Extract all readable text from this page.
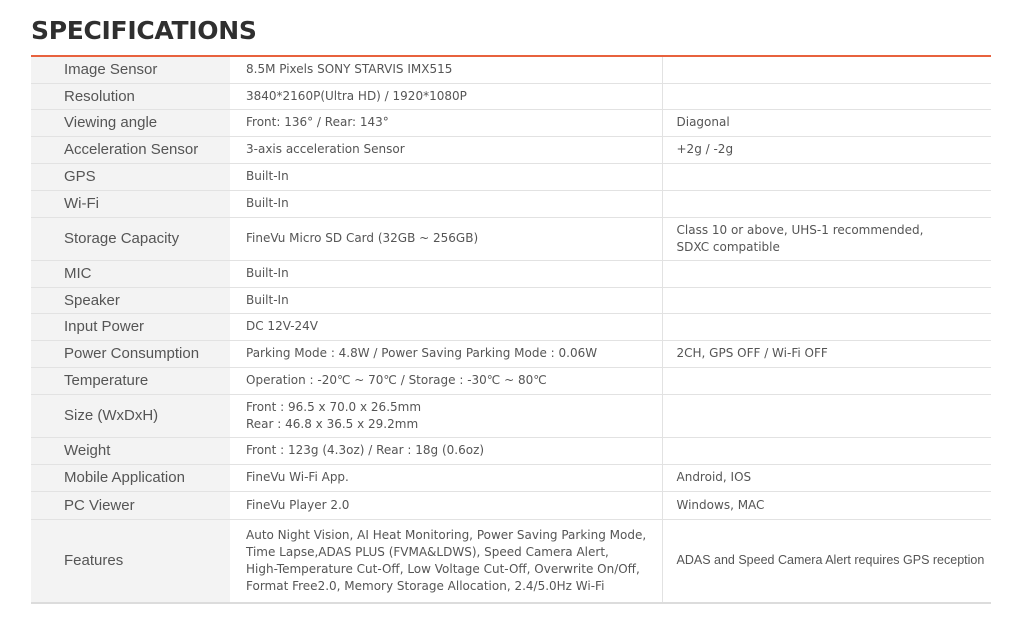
SPECIFICATIONS
Image Sensor	8.5M Pixels SONY STARVIS IMX515	

Resolution	3840*2160P(Ultra HD) / 1920*1080P	

Viewing angle	Front: 136° / Rear: 143°	Diagonal

Acceleration Sensor	3-axis acceleration Sensor	+2g / -2g

GPS	Built-In	

Wi-Fi	Built-In	

Storage Capacity	FineVu Micro SD Card (32GB ~ 256GB)	Class 10 or above, UHS-1 recommended,
SDXC compatible

MIC	Built-In	

Speaker	Built-In	

Input Power	DC 12V-24V	

Power Consumption	Parking Mode : 4.8W / Power Saving Parking Mode : 0.06W	2CH, GPS OFF / Wi-Fi OFF

Temperature	Operation : -20℃ ~ 70℃ / Storage : -30℃ ~ 80℃	

Size (WxDxH)	Front : 96.5 x 70.0 x 26.5mm
Rear : 46.8 x 36.5 x 29.2mm	

Weight	Front : 123g (4.3oz) / Rear : 18g (0.6oz)	

Mobile Application	FineVu Wi-Fi App.	Android, IOS

PC Viewer	FineVu Player 2.0	Windows, MAC

Features	Auto Night Vision, AI Heat Monitoring, Power Saving Parking Mode,
Time Lapse,ADAS PLUS (FVMA&LDWS), Speed Camera Alert,
High-Temperature Cut-Off, Low Voltage Cut-Off, Overwrite On/Off,
Format Free2.0, Memory Storage Allocation, 2.4/5.0Hz Wi-Fi	ADAS and Speed Camera Alert requires GPS reception
